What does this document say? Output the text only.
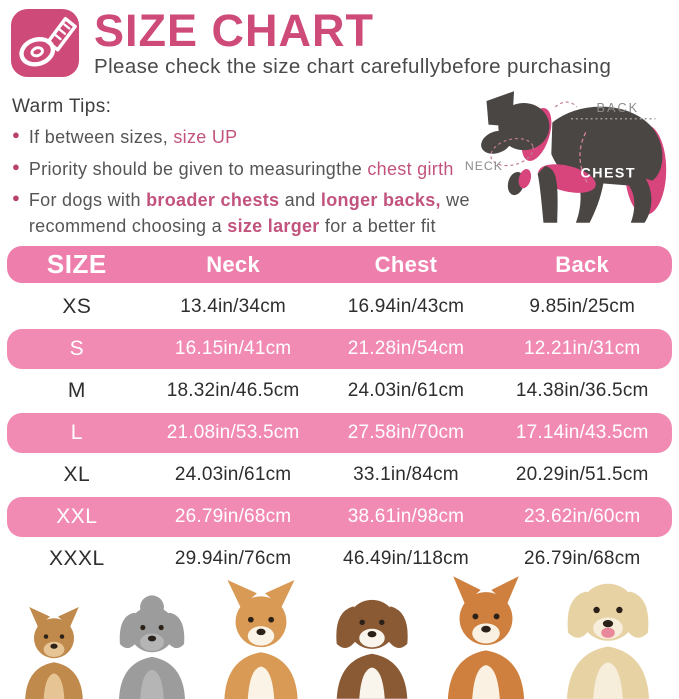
SIZE CHART
Please check the size chart carefullybefore purchasing
Warm Tips:
● If between sizes, size UP
● Priority should be given to measuringthe chest girth
● For dogs with broader chests and longer backs, we recommend choosing a size larger for a better fit
BACK
NECK	CHEST
SIZE	Neck	Chest	Back
XS	13.4in/34cm	16.94in/43cm	9.85in/25cm
S	16.15in/41cm	21.28in/54cm	12.21in/31cm
M	18.32in/46.5cm	24.03in/61cm	14.38in/36.5cm
L	21.08in/53.5cm	27.58in/70cm	17.14in/43.5cm
XL	24.03in/61cm	33.1in/84cm	20.29in/51.5cm
XXL	26.79in/68cm	38.61in/98cm	23.62in/60cm
XXXL	29.94in/76cm	46.49in/118cm	26.79in/68cm
